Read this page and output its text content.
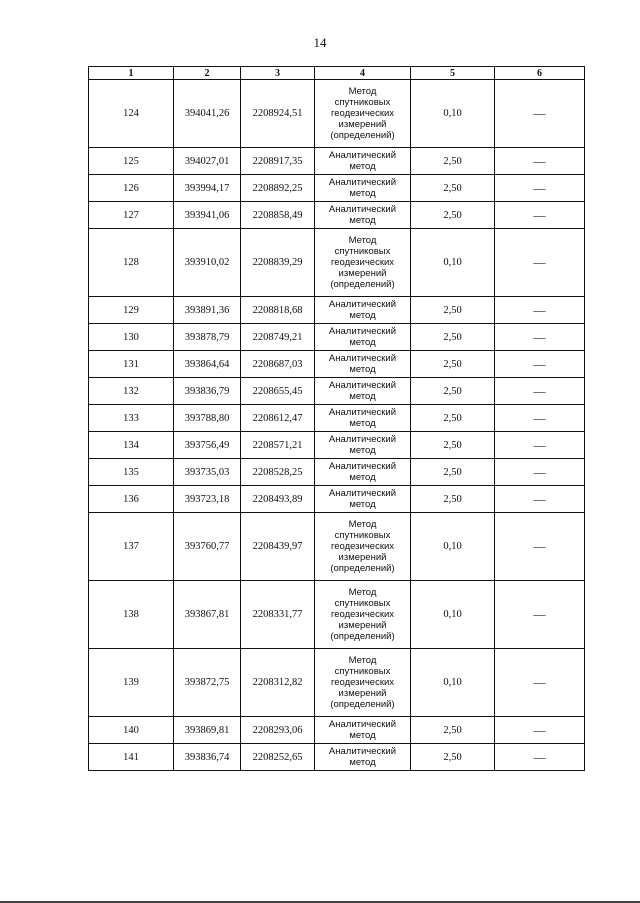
14
1	2	3	4	5	6
124	394041,26	2208924,51	Метод
спутниковых
геодезических
измерений
(определений)	0,10	—
125	394027,01	2208917,35	Аналитический
метод	2,50	—
126	393994,17	2208892,25	Аналитический
метод	2,50	—
127	393941,06	2208858,49	Аналитический
метод	2,50	—
128	393910,02	2208839,29	Метод
спутниковых
геодезических
измерений
(определений)	0,10	—
129	393891,36	2208818,68	Аналитический
метод	2,50	—
130	393878,79	2208749,21	Аналитический
метод	2,50	—
131	393864,64	2208687,03	Аналитический
метод	2,50	—
132	393836,79	2208655,45	Аналитический
метод	2,50	—
133	393788,80	2208612,47	Аналитический
метод	2,50	—
134	393756,49	2208571,21	Аналитический
метод	2,50	—
135	393735,03	2208528,25	Аналитический
метод	2,50	—
136	393723,18	2208493,89	Аналитический
метод	2,50	—
137	393760,77	2208439,97	Метод
спутниковых
геодезических
измерений
(определений)	0,10	—
138	393867,81	2208331,77	Метод
спутниковых
геодезических
измерений
(определений)	0,10	—
139	393872,75	2208312,82	Метод
спутниковых
геодезических
измерений
(определений)	0,10	—
140	393869,81	2208293,06	Аналитический
метод	2,50	—
141	393836,74	2208252,65	Аналитический
метод	2,50	—
